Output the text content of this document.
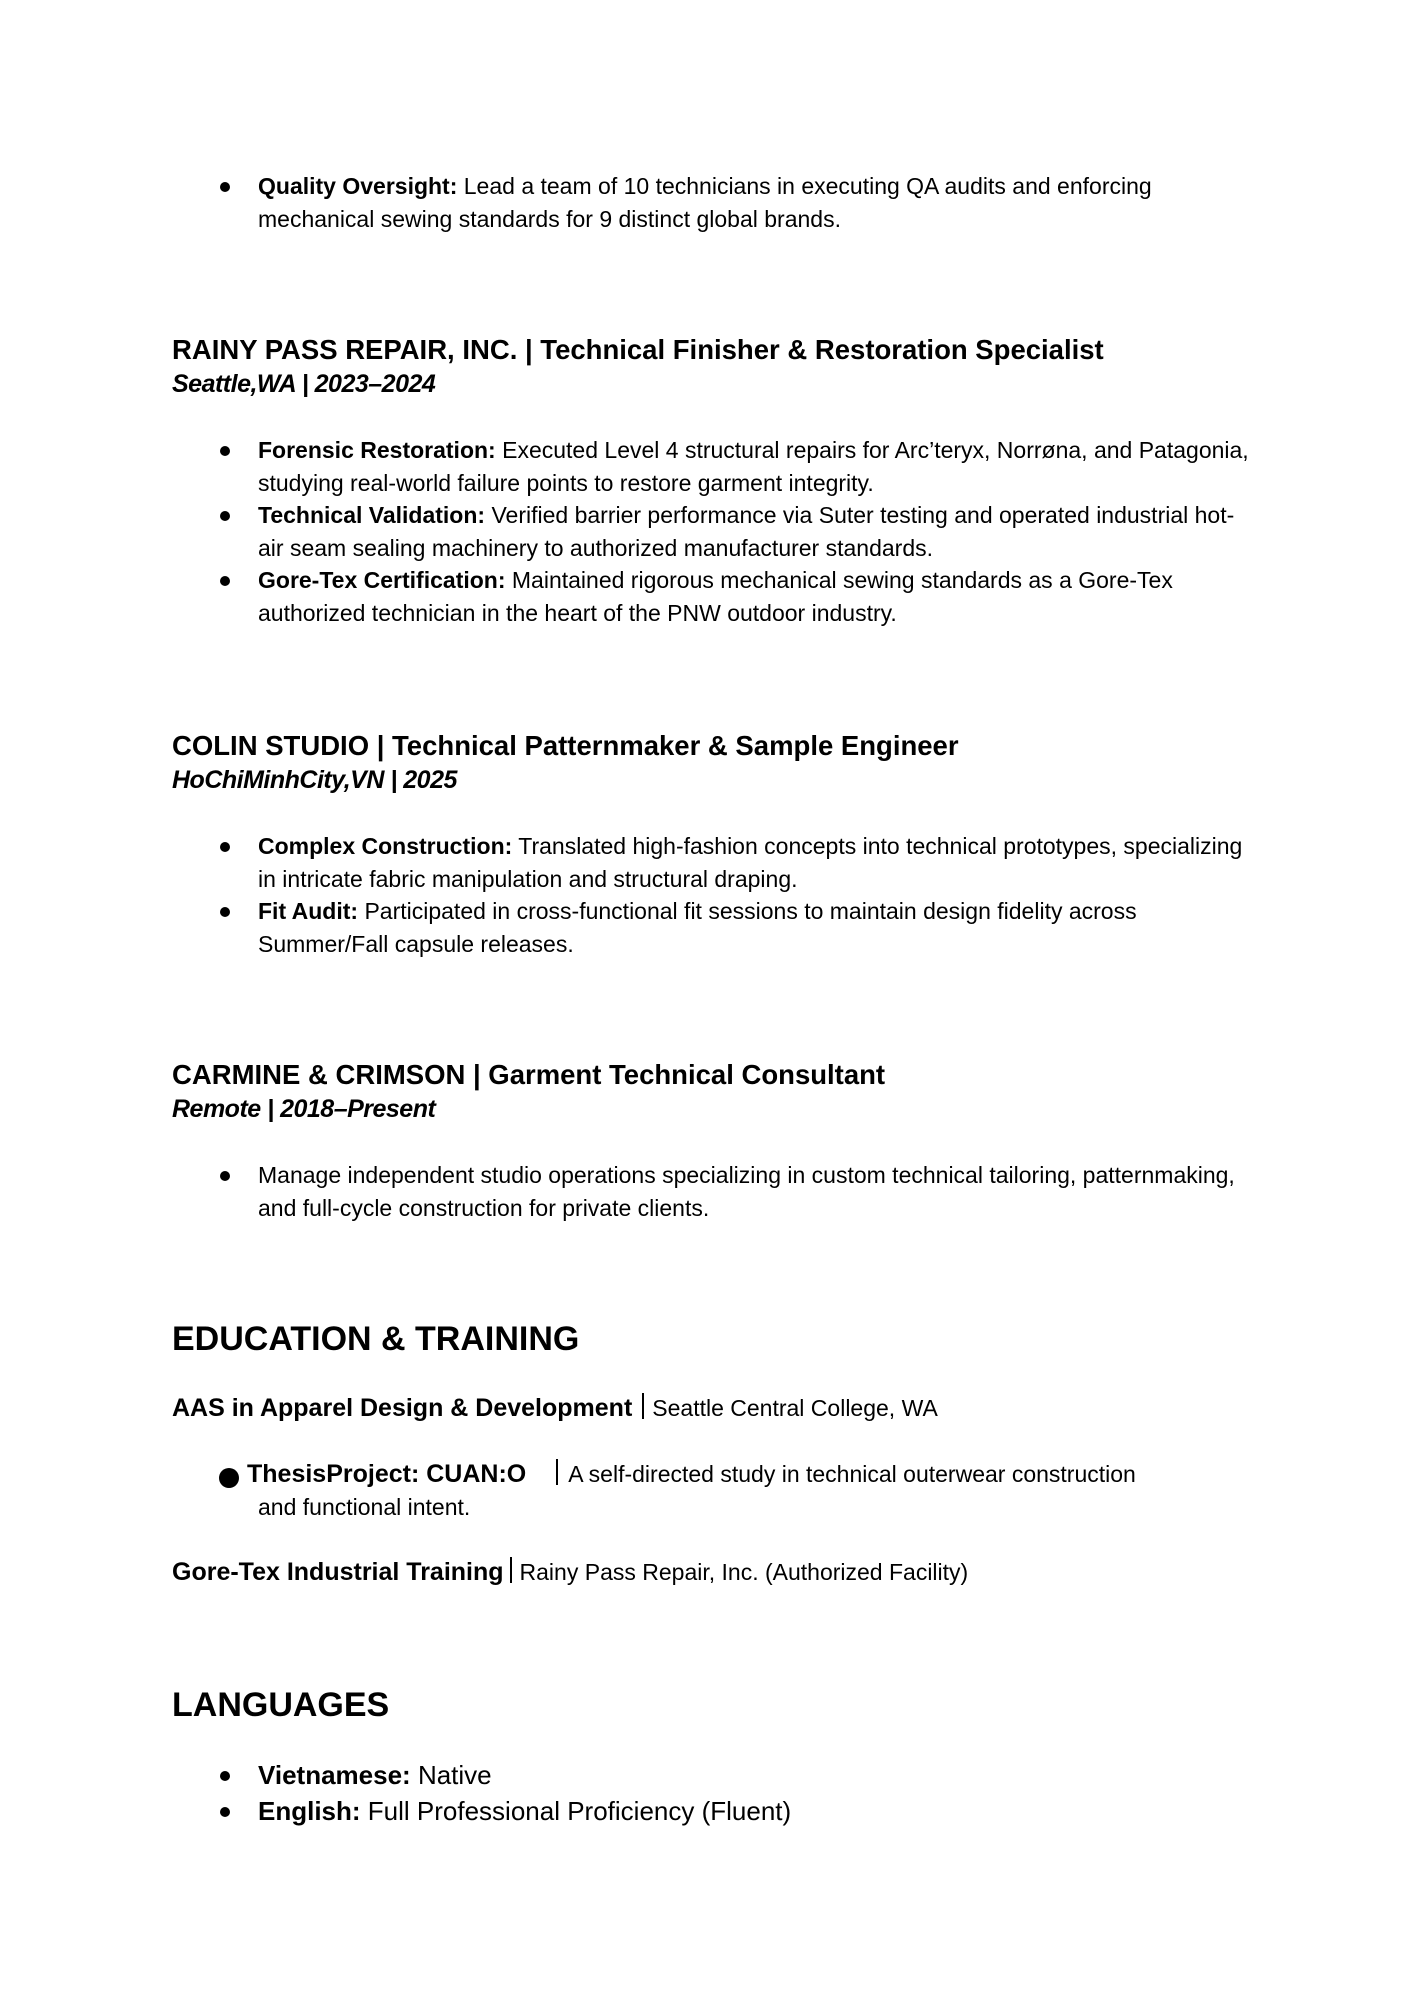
Quality Oversight: Lead a team of 10 technicians in executing QA audits and enforcing mechanical sewing standards for 9 distinct global brands.
RAINY PASS REPAIR, INC. | Technical Finisher & Restoration Specialist
Seattle,WA | 2023–2024
Forensic Restoration: Executed Level 4 structural repairs for Arc’teryx, Norrøna, and Patagonia, studying real-world failure points to restore garment integrity.
Technical Validation: Verified barrier performance via Suter testing and operated industrial hot-air seam sealing machinery to authorized manufacturer standards.
Gore-Tex Certification: Maintained rigorous mechanical sewing standards as a Gore-Tex authorized technician in the heart of the PNW outdoor industry.
COLIN STUDIO | Technical Patternmaker & Sample Engineer
HoChiMinhCity,VN | 2025
Complex Construction: Translated high-fashion concepts into technical prototypes, specializing in intricate fabric manipulation and structural draping.
Fit Audit: Participated in cross-functional fit sessions to maintain design fidelity across Summer/Fall capsule releases.
CARMINE & CRIMSON | Garment Technical Consultant
Remote | 2018–Present
Manage independent studio operations specializing in custom technical tailoring, patternmaking, and full-cycle construction for private clients.
EDUCATION & TRAINING
AAS in Apparel Design & Development Seattle Central College, WA
ThesisProject: CUAN:O A self-directed study in technical outerwear construction
and functional intent.
Gore-Tex Industrial Training Rainy Pass Repair, Inc. (Authorized Facility)
LANGUAGES
Vietnamese: Native
English: Full Professional Proficiency (Fluent)
